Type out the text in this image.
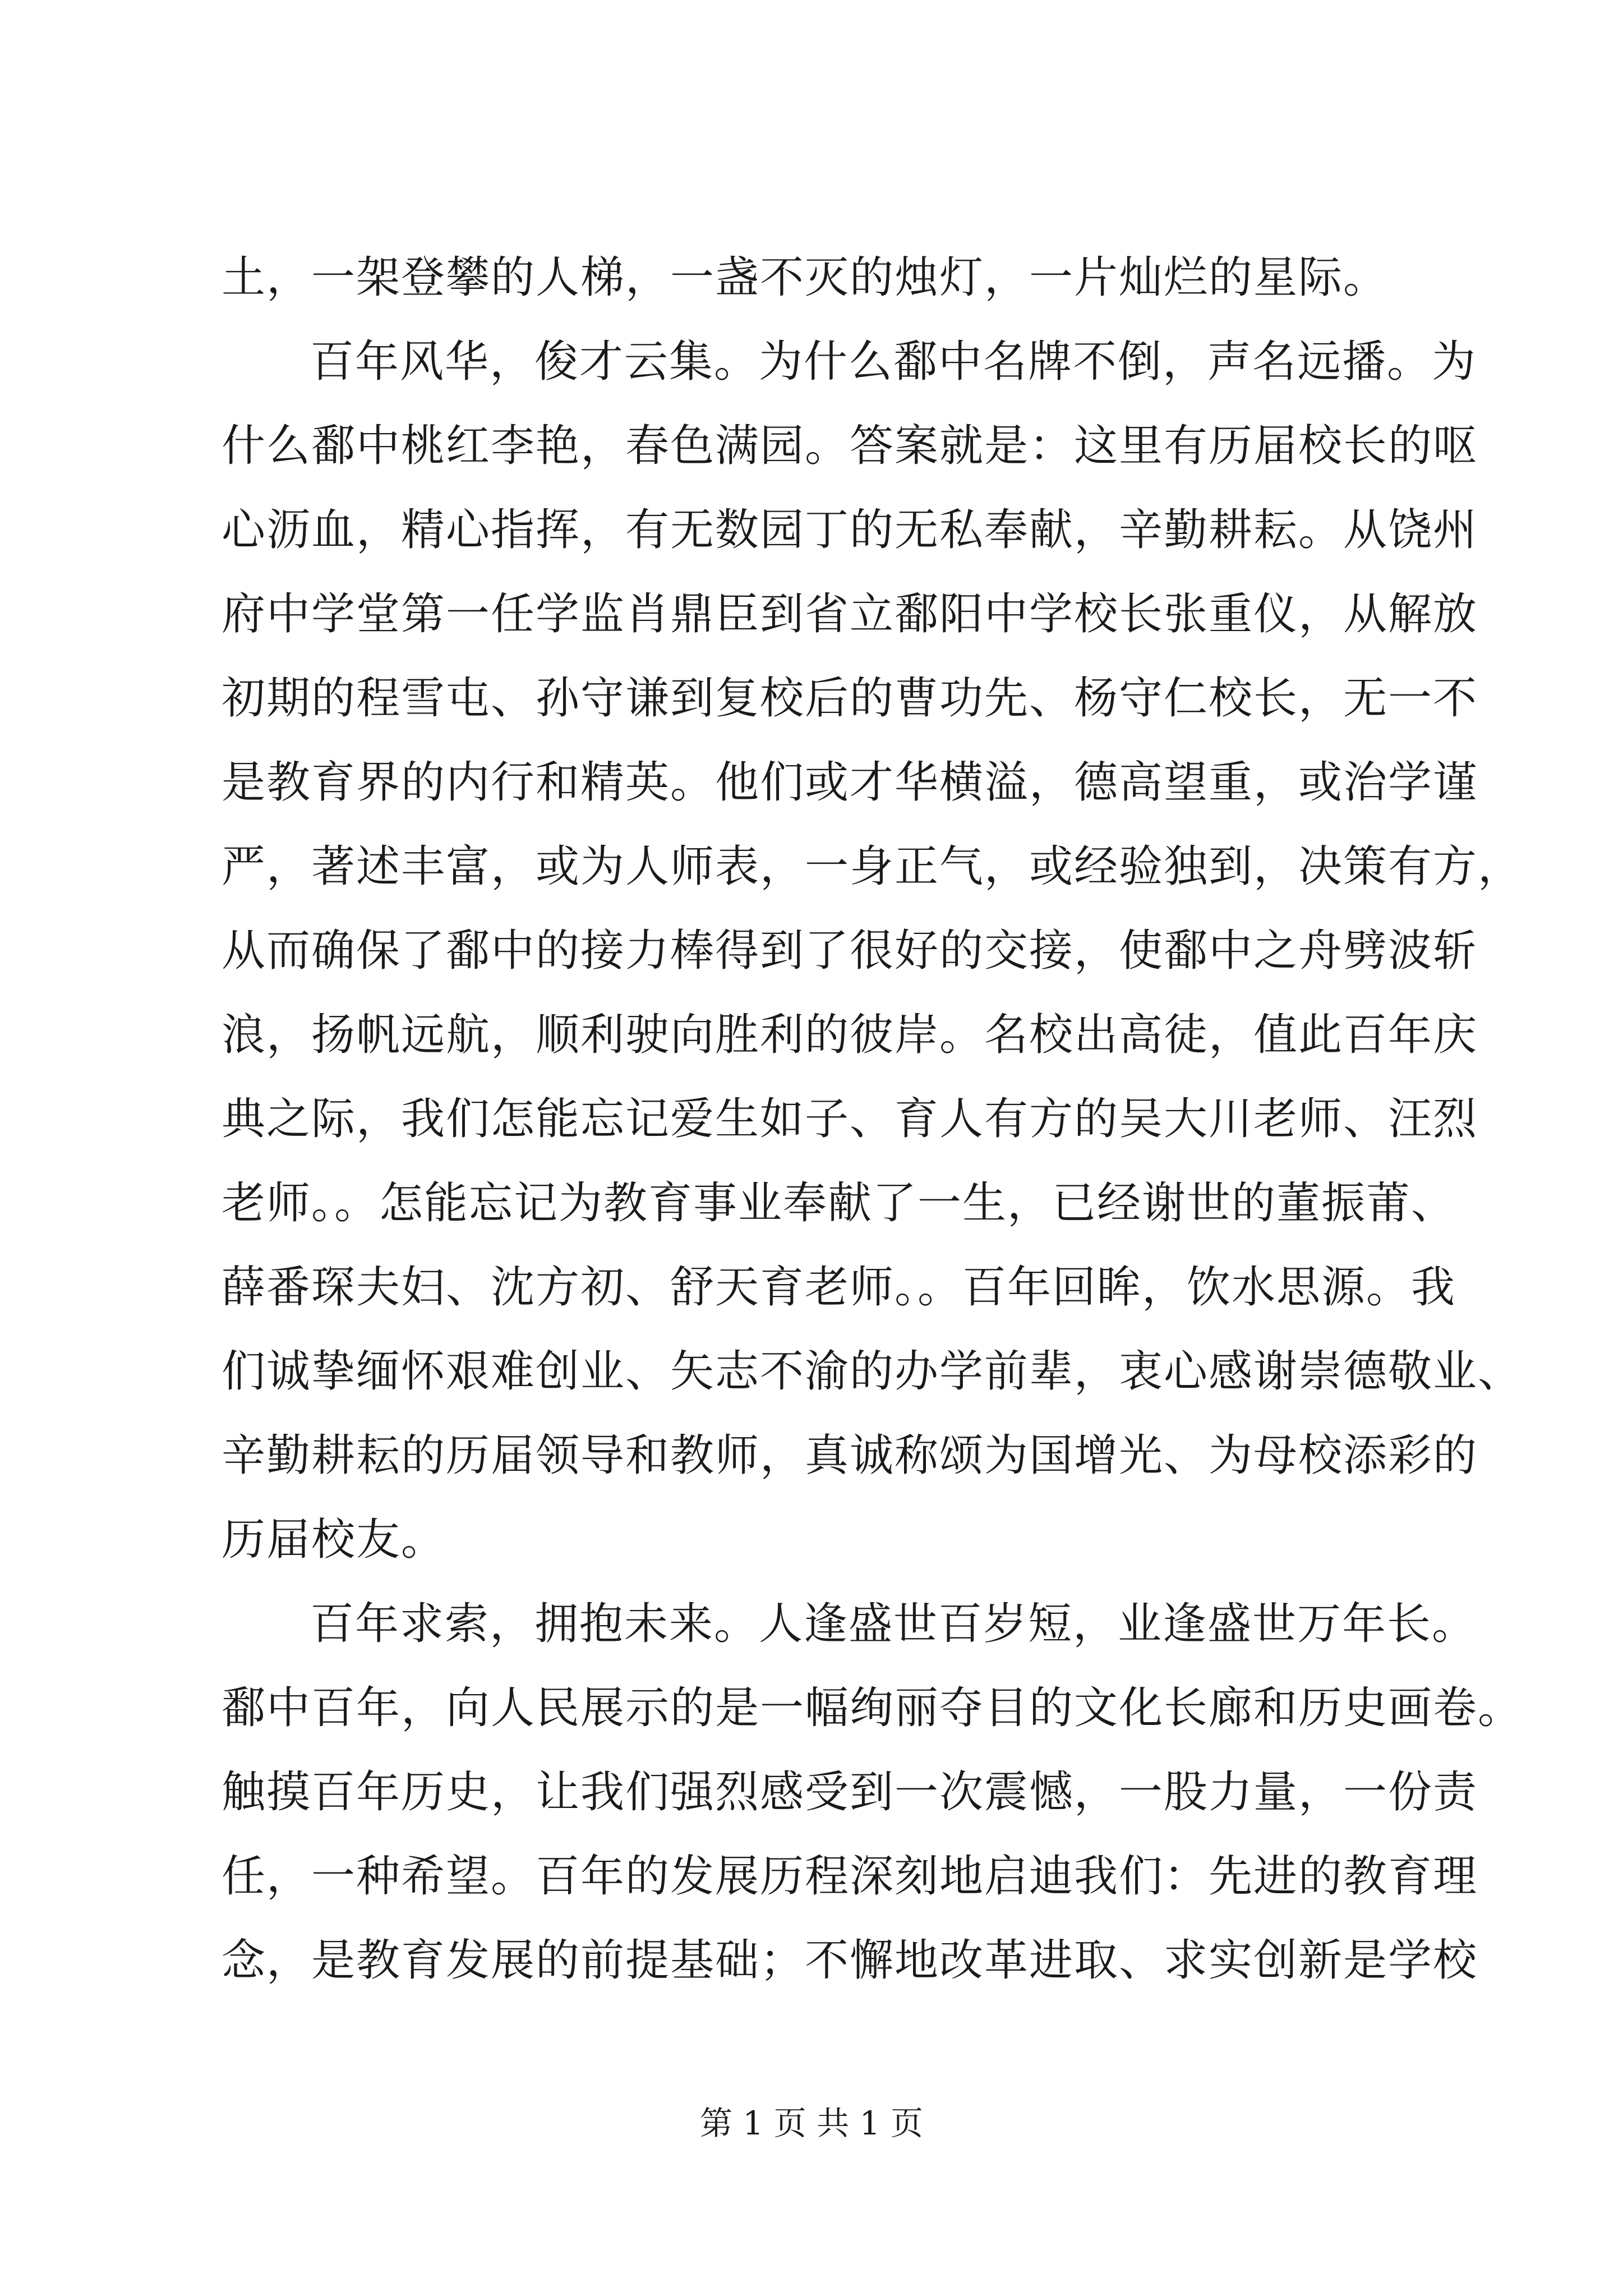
土，一架登攀的人梯，一盏不灭的烛灯，一片灿烂的星际。
百年风华，俊才云集。为什么鄱中名牌不倒，声名远播。为
什么鄱中桃红李艳，春色满园。答案就是：这里有历届校长的呕
心沥血，精心指挥，有无数园丁的无私奉献，辛勤耕耘。从饶州
府中学堂第一任学监肖鼎臣到省立鄱阳中学校长张重仪，从解放
初期的程雪屯、孙守谦到复校后的曹功先、杨守仁校长，无一不
是教育界的内行和精英。他们或才华横溢，德高望重，或治学谨
严，著述丰富，或为人师表，一身正气，或经验独到，决策有方，
从而确保了鄱中的接力棒得到了很好的交接，使鄱中之舟劈波斩
浪，扬帆远航，顺利驶向胜利的彼岸。名校出高徒，值此百年庆
典之际，我们怎能忘记爱生如子、育人有方的吴大川老师、汪烈
老师。。怎能忘记为教育事业奉献了一生，已经谢世的董振莆、
薛番琛夫妇、沈方初、舒天育老师。。百年回眸，饮水思源。我
们诚挚缅怀艰难创业、矢志不渝的办学前辈，衷心感谢崇德敬业、
辛勤耕耘的历届领导和教师，真诚称颂为国增光、为母校添彩的
历届校友。
百年求索，拥抱未来。人逢盛世百岁短，业逢盛世万年长。
鄱中百年，向人民展示的是一幅绚丽夺目的文化长廊和历史画卷。
触摸百年历史，让我们强烈感受到一次震憾，一股力量，一份责
任，一种希望。百年的发展历程深刻地启迪我们：先进的教育理
念，是教育发展的前提基础；不懈地改革进取、求实创新是学校
第 1 页 共 1 页
